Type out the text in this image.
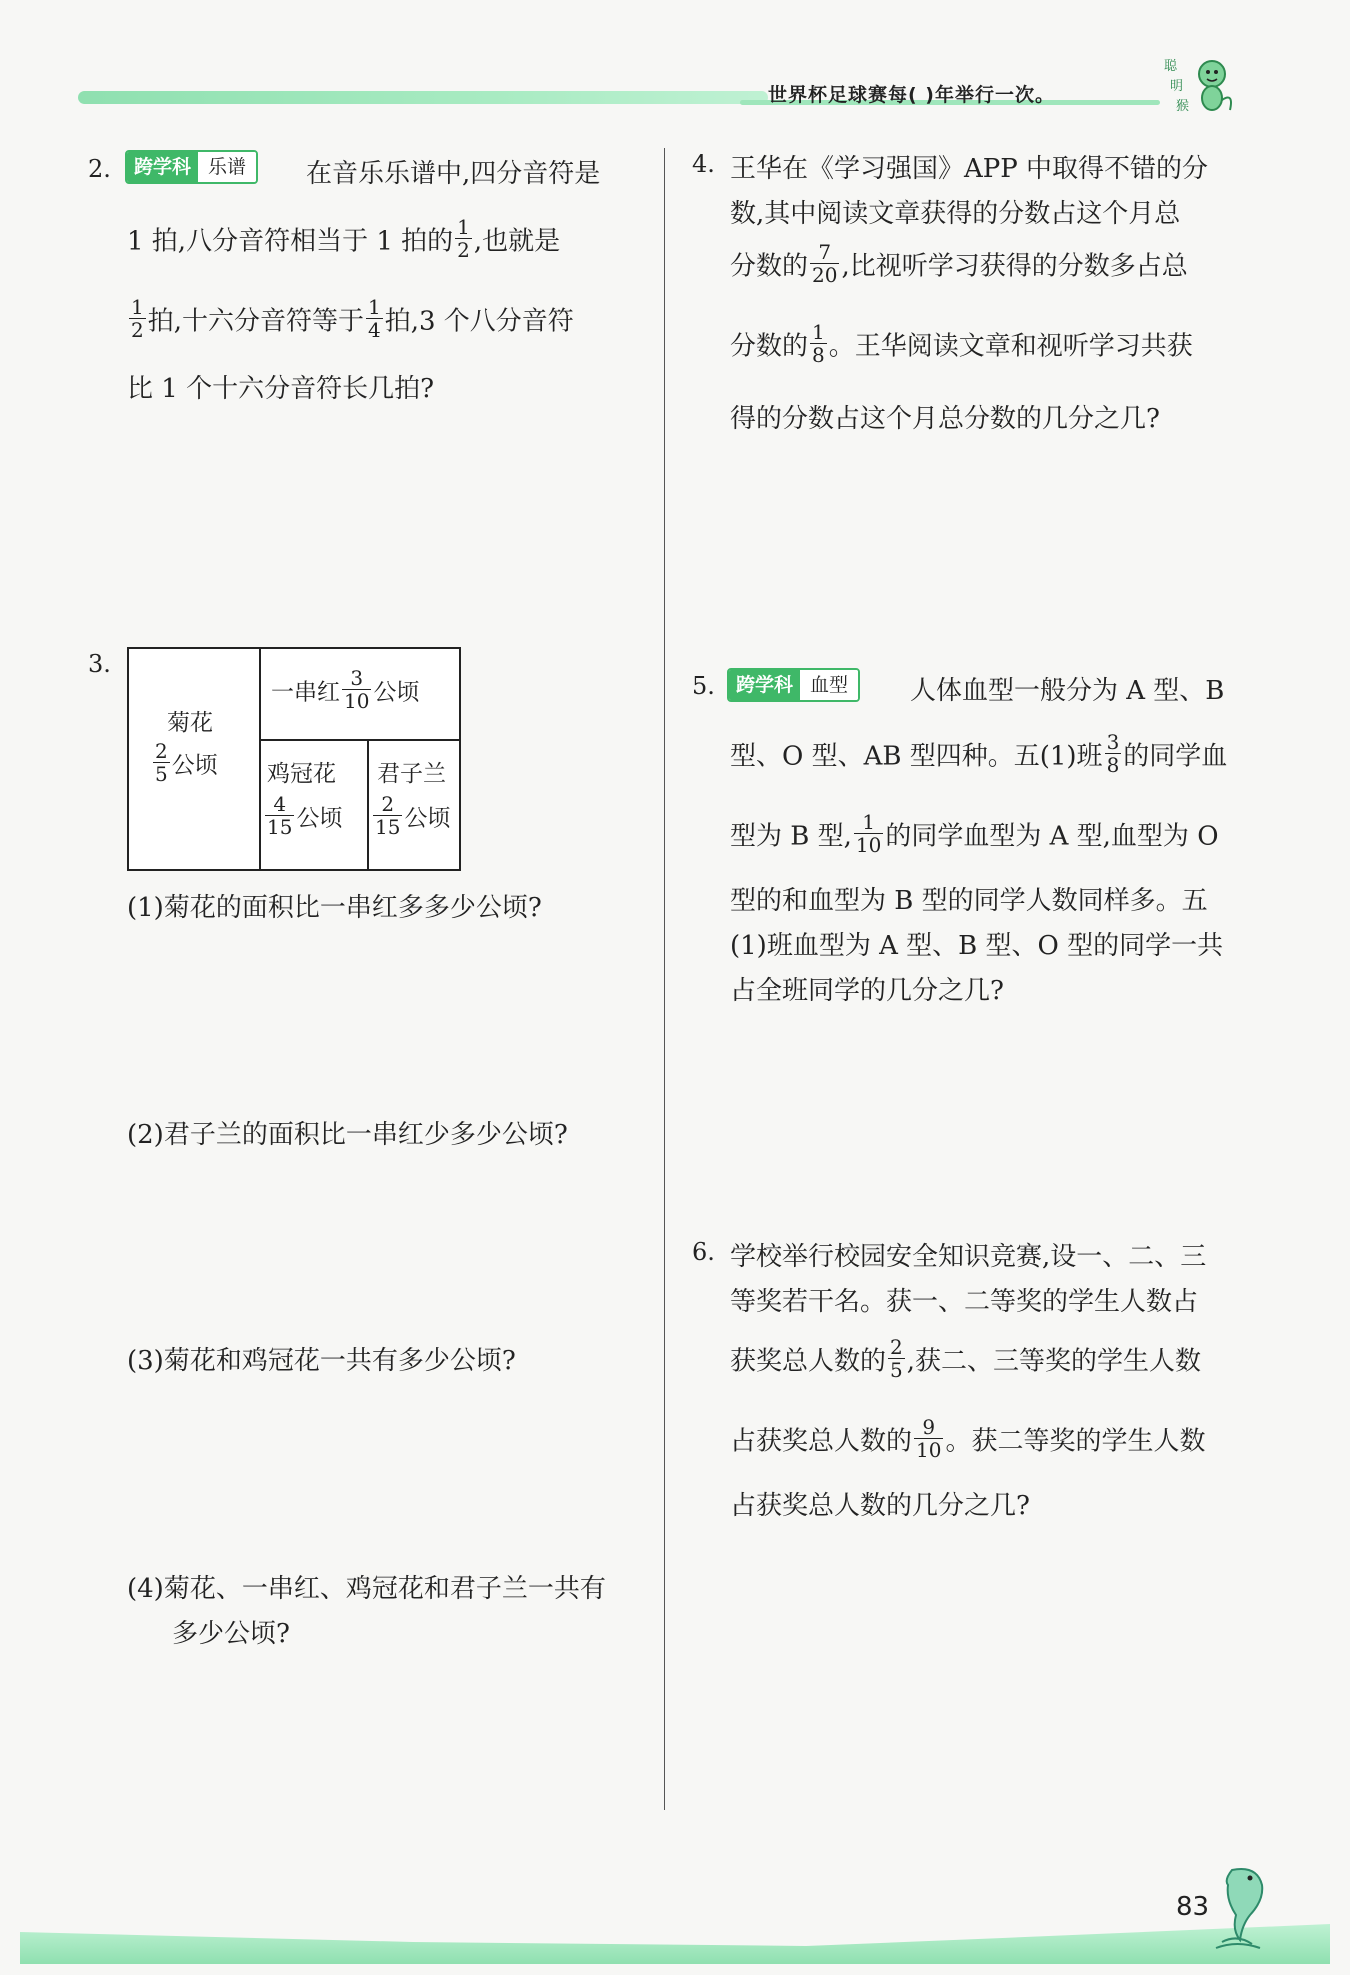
世界杯足球赛每( )年举行一次。
聪
明
猴
2.	跨学科 乐谱	在音乐乐谱中,四分音符是
1 拍,八分音符相当于 1 拍的 $\frac{1}{2}$ ,也就是
$\frac{1}{2}$ 拍,十六分音符等于 $\frac{1}{4}$ 拍,3 个八分音符
比 1 个十六分音符长几拍?
3.
菊花
$\frac{2}{5}$ 公顷
一串红 $\frac{3}{10}$ 公顷
鸡冠花
$\frac{4}{15}$ 公顷
君子兰
$\frac{2}{15}$ 公顷
(1)菊花的面积比一串红多多少公顷?
(2)君子兰的面积比一串红少多少公顷?
(3)菊花和鸡冠花一共有多少公顷?
(4)菊花、一串红、鸡冠花和君子兰一共有
多少公顷?
4. 王华在《学习强国》APP 中取得不错的分
数,其中阅读文章获得的分数占这个月总
分数的 $\frac{7}{20}$ ,比视听学习获得的分数多占总
分数的 $\frac{1}{8}$ 。王华阅读文章和视听学习共获
得的分数占这个月总分数的几分之几?
5.	跨学科 血型	人体血型一般分为 A 型、B
型、O 型、AB 型四种。五(1)班 $\frac{3}{8}$ 的同学血
型为 B 型, $\frac{1}{10}$ 的同学血型为 A 型,血型为 O
型的和血型为 B 型的同学人数同样多。五
(1)班血型为 A 型、B 型、O 型的同学一共
占全班同学的几分之几?
6. 学校举行校园安全知识竞赛,设一、二、三
等奖若干名。获一、二等奖的学生人数占
获奖总人数的 $\frac{2}{5}$ ,获二、三等奖的学生人数
占获奖总人数的 $\frac{9}{10}$ 。获二等奖的学生人数
占获奖总人数的几分之几?
83
